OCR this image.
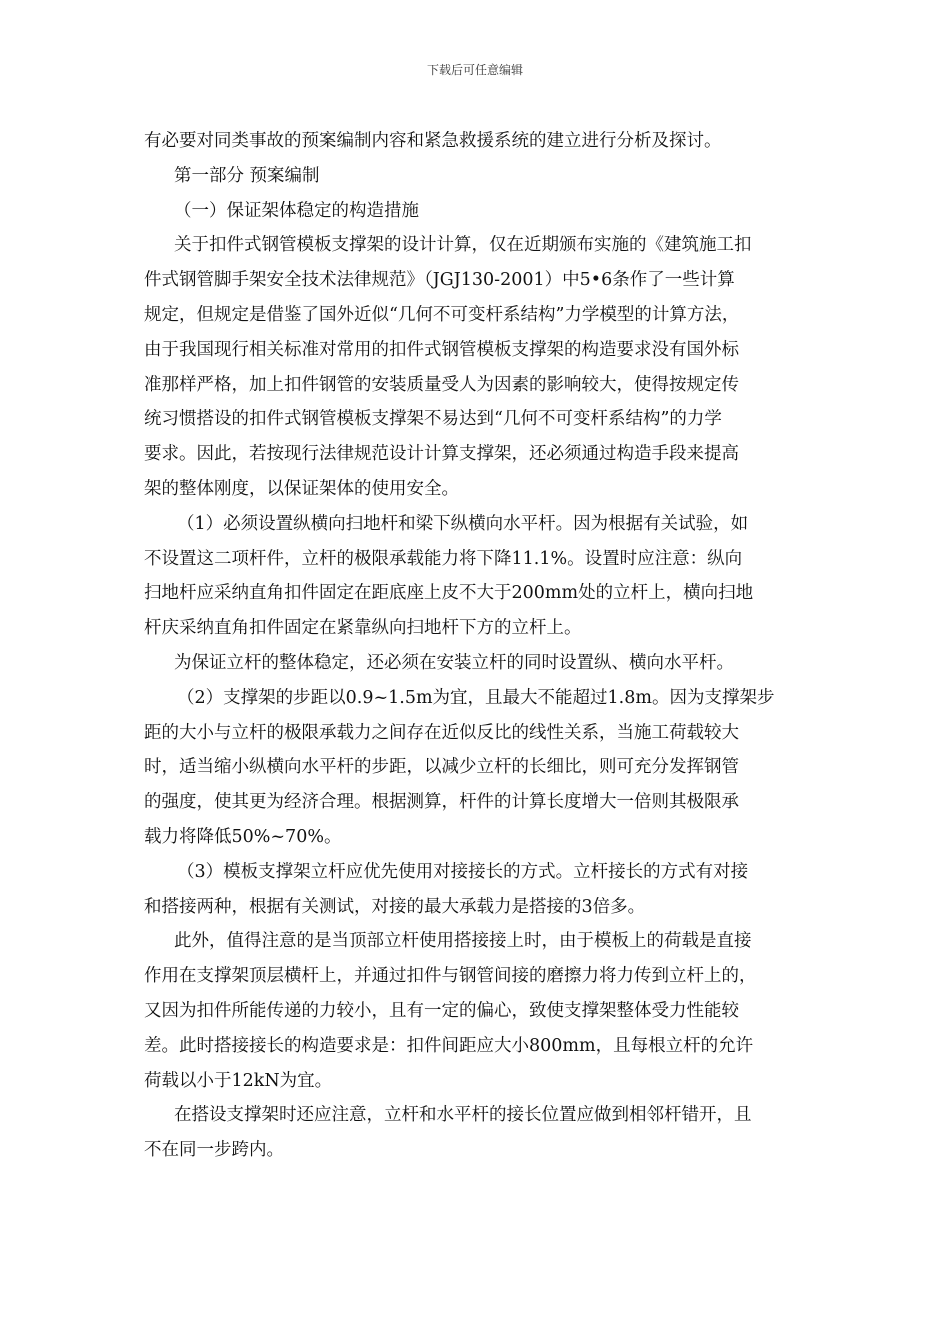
下载后可任意编辑
有必要对同类事故的预案编制内容和紧急救援系统的建立进行分析及探讨。
第一部分 预案编制
（一）保证架体稳定的构造措施
关于扣件式钢管模板支撑架的设计计算，仅在近期颁布实施的《建筑施工扣
件式钢管脚手架安全技术法律规范》（JGJ130-2001）中5•6条作了一些计算
规定，但规定是借鉴了国外近似“几何不可变杆系结构”力学模型的计算方法，
由于我国现行相关标准对常用的扣件式钢管模板支撑架的构造要求没有国外标
准那样严格，加上扣件钢管的安装质量受人为因素的影响较大，使得按规定传
统习惯搭设的扣件式钢管模板支撑架不易达到“几何不可变杆系结构”的力学
要求。因此，若按现行法律规范设计计算支撑架，还必须通过构造手段来提高
架的整体刚度，以保证架体的使用安全。
（1）必须设置纵横向扫地杆和梁下纵横向水平杆。因为根据有关试验，如
不设置这二项杆件，立杆的极限承载能力将下降11.1%。设置时应注意：纵向
扫地杆应采纳直角扣件固定在距底座上皮不大于200mm处的立杆上，横向扫地
杆庆采纳直角扣件固定在紧靠纵向扫地杆下方的立杆上。
为保证立杆的整体稳定，还必须在安装立杆的同时设置纵、横向水平杆。
（2）支撑架的步距以0.9~1.5m为宜，且最大不能超过1.8m。因为支撑架步
距的大小与立杆的极限承载力之间存在近似反比的线性关系，当施工荷载较大
时，适当缩小纵横向水平杆的步距，以减少立杆的长细比，则可充分发挥钢管
的强度，使其更为经济合理。根据测算，杆件的计算长度增大一倍则其极限承
载力将降低50%~70%。
（3）模板支撑架立杆应优先使用对接接长的方式。立杆接长的方式有对接
和搭接两种，根据有关测试，对接的最大承载力是搭接的3倍多。
此外，值得注意的是当顶部立杆使用搭接接上时，由于模板上的荷载是直接
作用在支撑架顶层横杆上，并通过扣件与钢管间接的磨擦力将力传到立杆上的，
又因为扣件所能传递的力较小，且有一定的偏心，致使支撑架整体受力性能较
差。此时搭接接长的构造要求是：扣件间距应大小800mm，且每根立杆的允许
荷载以小于12kN为宜。
在搭设支撑架时还应注意，立杆和水平杆的接长位置应做到相邻杆错开，且
不在同一步跨内。
